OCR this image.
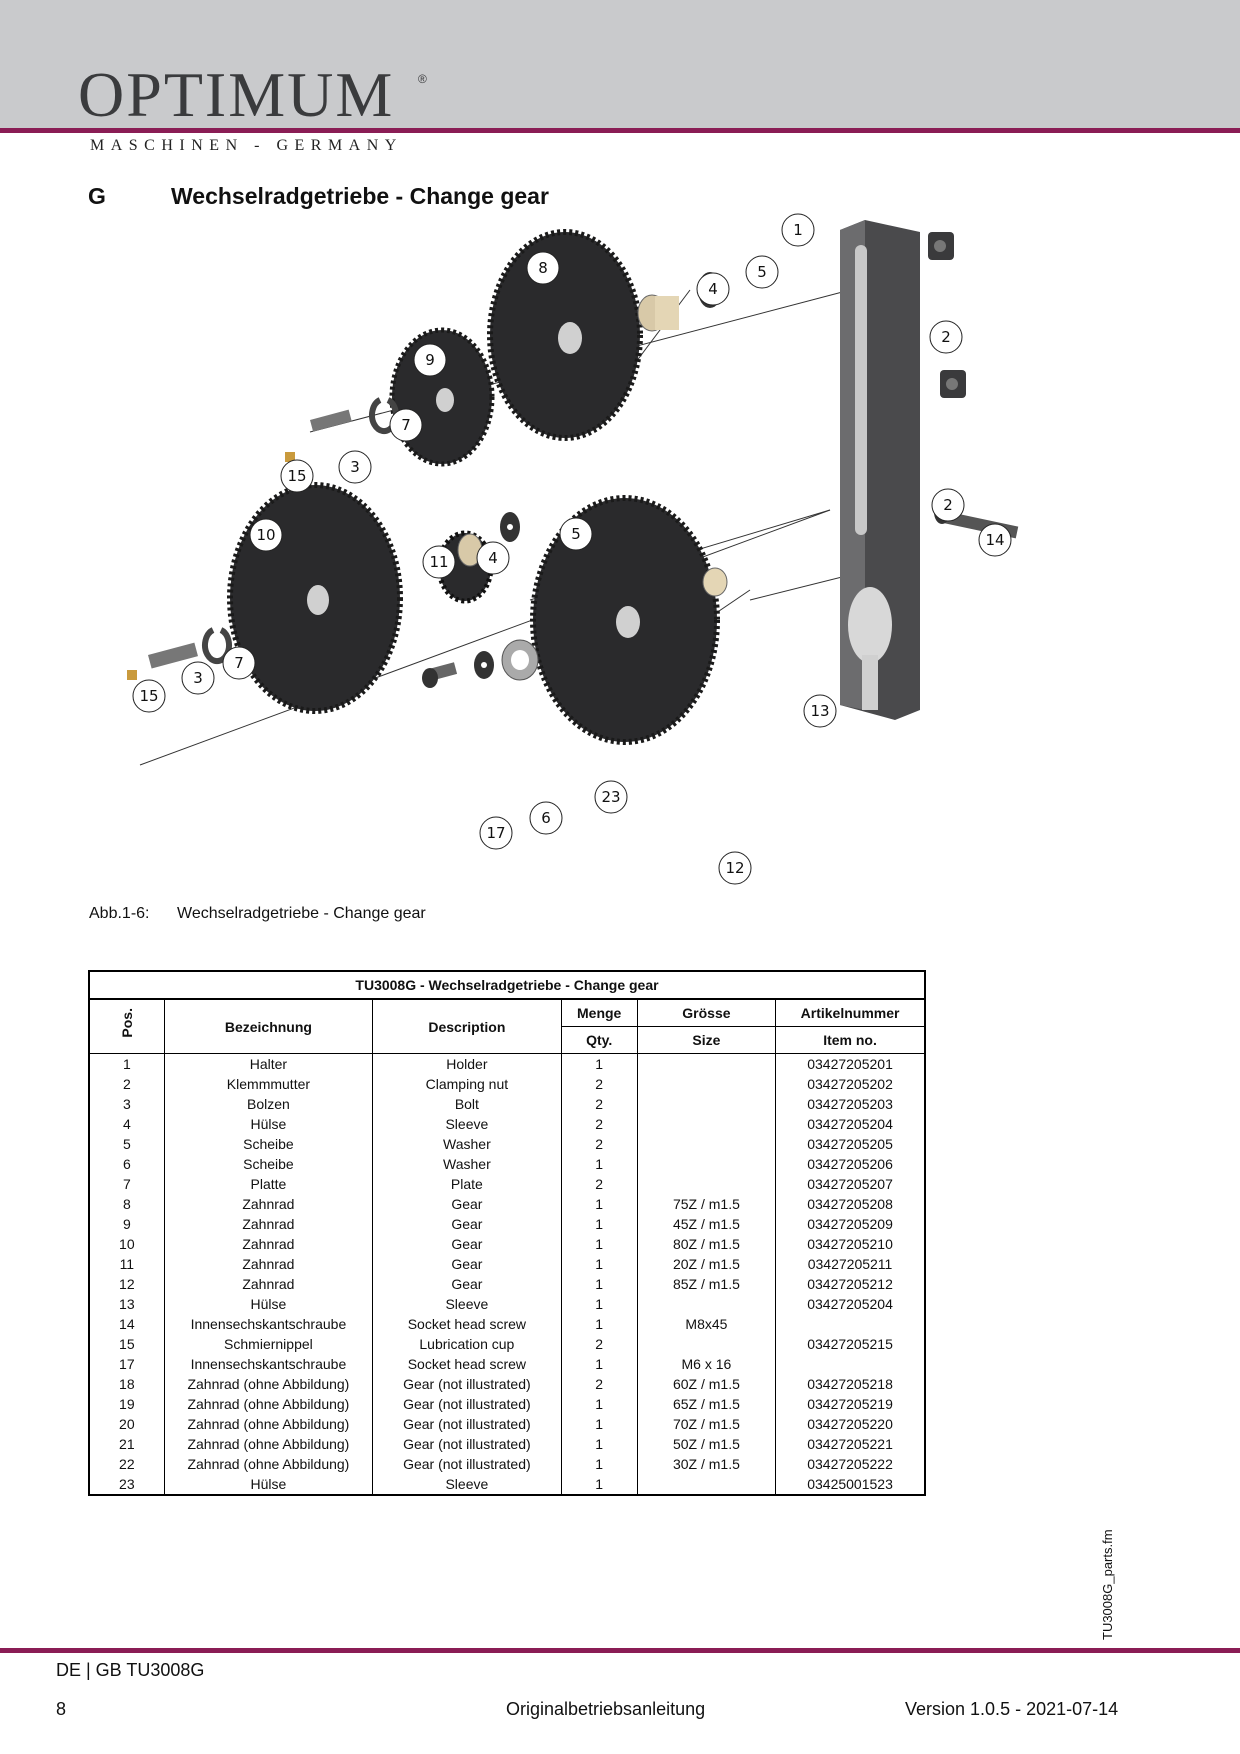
OPTIMUM ®
MASCHINEN - GERMANY
G	Wechselradgetriebe - Change gear
1
2
2
3
3
5
5
6
7
7
8
9
10
11
12
13
14
15
15
17
23
4
4
Abb.1-6: Wechselradgetriebe - Change gear
TU3008G - Wechselradgetriebe - Change gear					
Pos.	Bezeichnung	Description	Menge	Grösse	Artikelnummer
			Qty.	Size	Item no.
1	Halter	Holder	1		03427205201
2	Klemmmutter	Clamping nut	2		03427205202
3	Bolzen	Bolt	2		03427205203
4	Hülse	Sleeve	2		03427205204
5	Scheibe	Washer	2		03427205205
6	Scheibe	Washer	1		03427205206
7	Platte	Plate	2		03427205207
8	Zahnrad	Gear	1	75Z / m1.5	03427205208
9	Zahnrad	Gear	1	45Z / m1.5	03427205209
10	Zahnrad	Gear	1	80Z / m1.5	03427205210
11	Zahnrad	Gear	1	20Z / m1.5	03427205211
12	Zahnrad	Gear	1	85Z / m1.5	03427205212
13	Hülse	Sleeve	1		03427205204
14	Innensechskantschraube	Socket head screw	1	M8x45	
15	Schmiernippel	Lubrication cup	2		03427205215
17	Innensechskantschraube	Socket head screw	1	M6 x 16	
18	Zahnrad (ohne Abbildung)	Gear (not illustrated)	2	60Z / m1.5	03427205218
19	Zahnrad (ohne Abbildung)	Gear (not illustrated)	1	65Z / m1.5	03427205219
20	Zahnrad (ohne Abbildung)	Gear (not illustrated)	1	70Z / m1.5	03427205220
21	Zahnrad (ohne Abbildung)	Gear (not illustrated)	1	50Z / m1.5	03427205221
22	Zahnrad (ohne Abbildung)	Gear (not illustrated)	1	30Z / m1.5	03427205222
23	Hülse	Sleeve	1		03425001523
TU3008G_parts.fm
DE | GB TU3008G
8	Originalbetriebsanleitung	Version 1.0.5 - 2021-07-14
